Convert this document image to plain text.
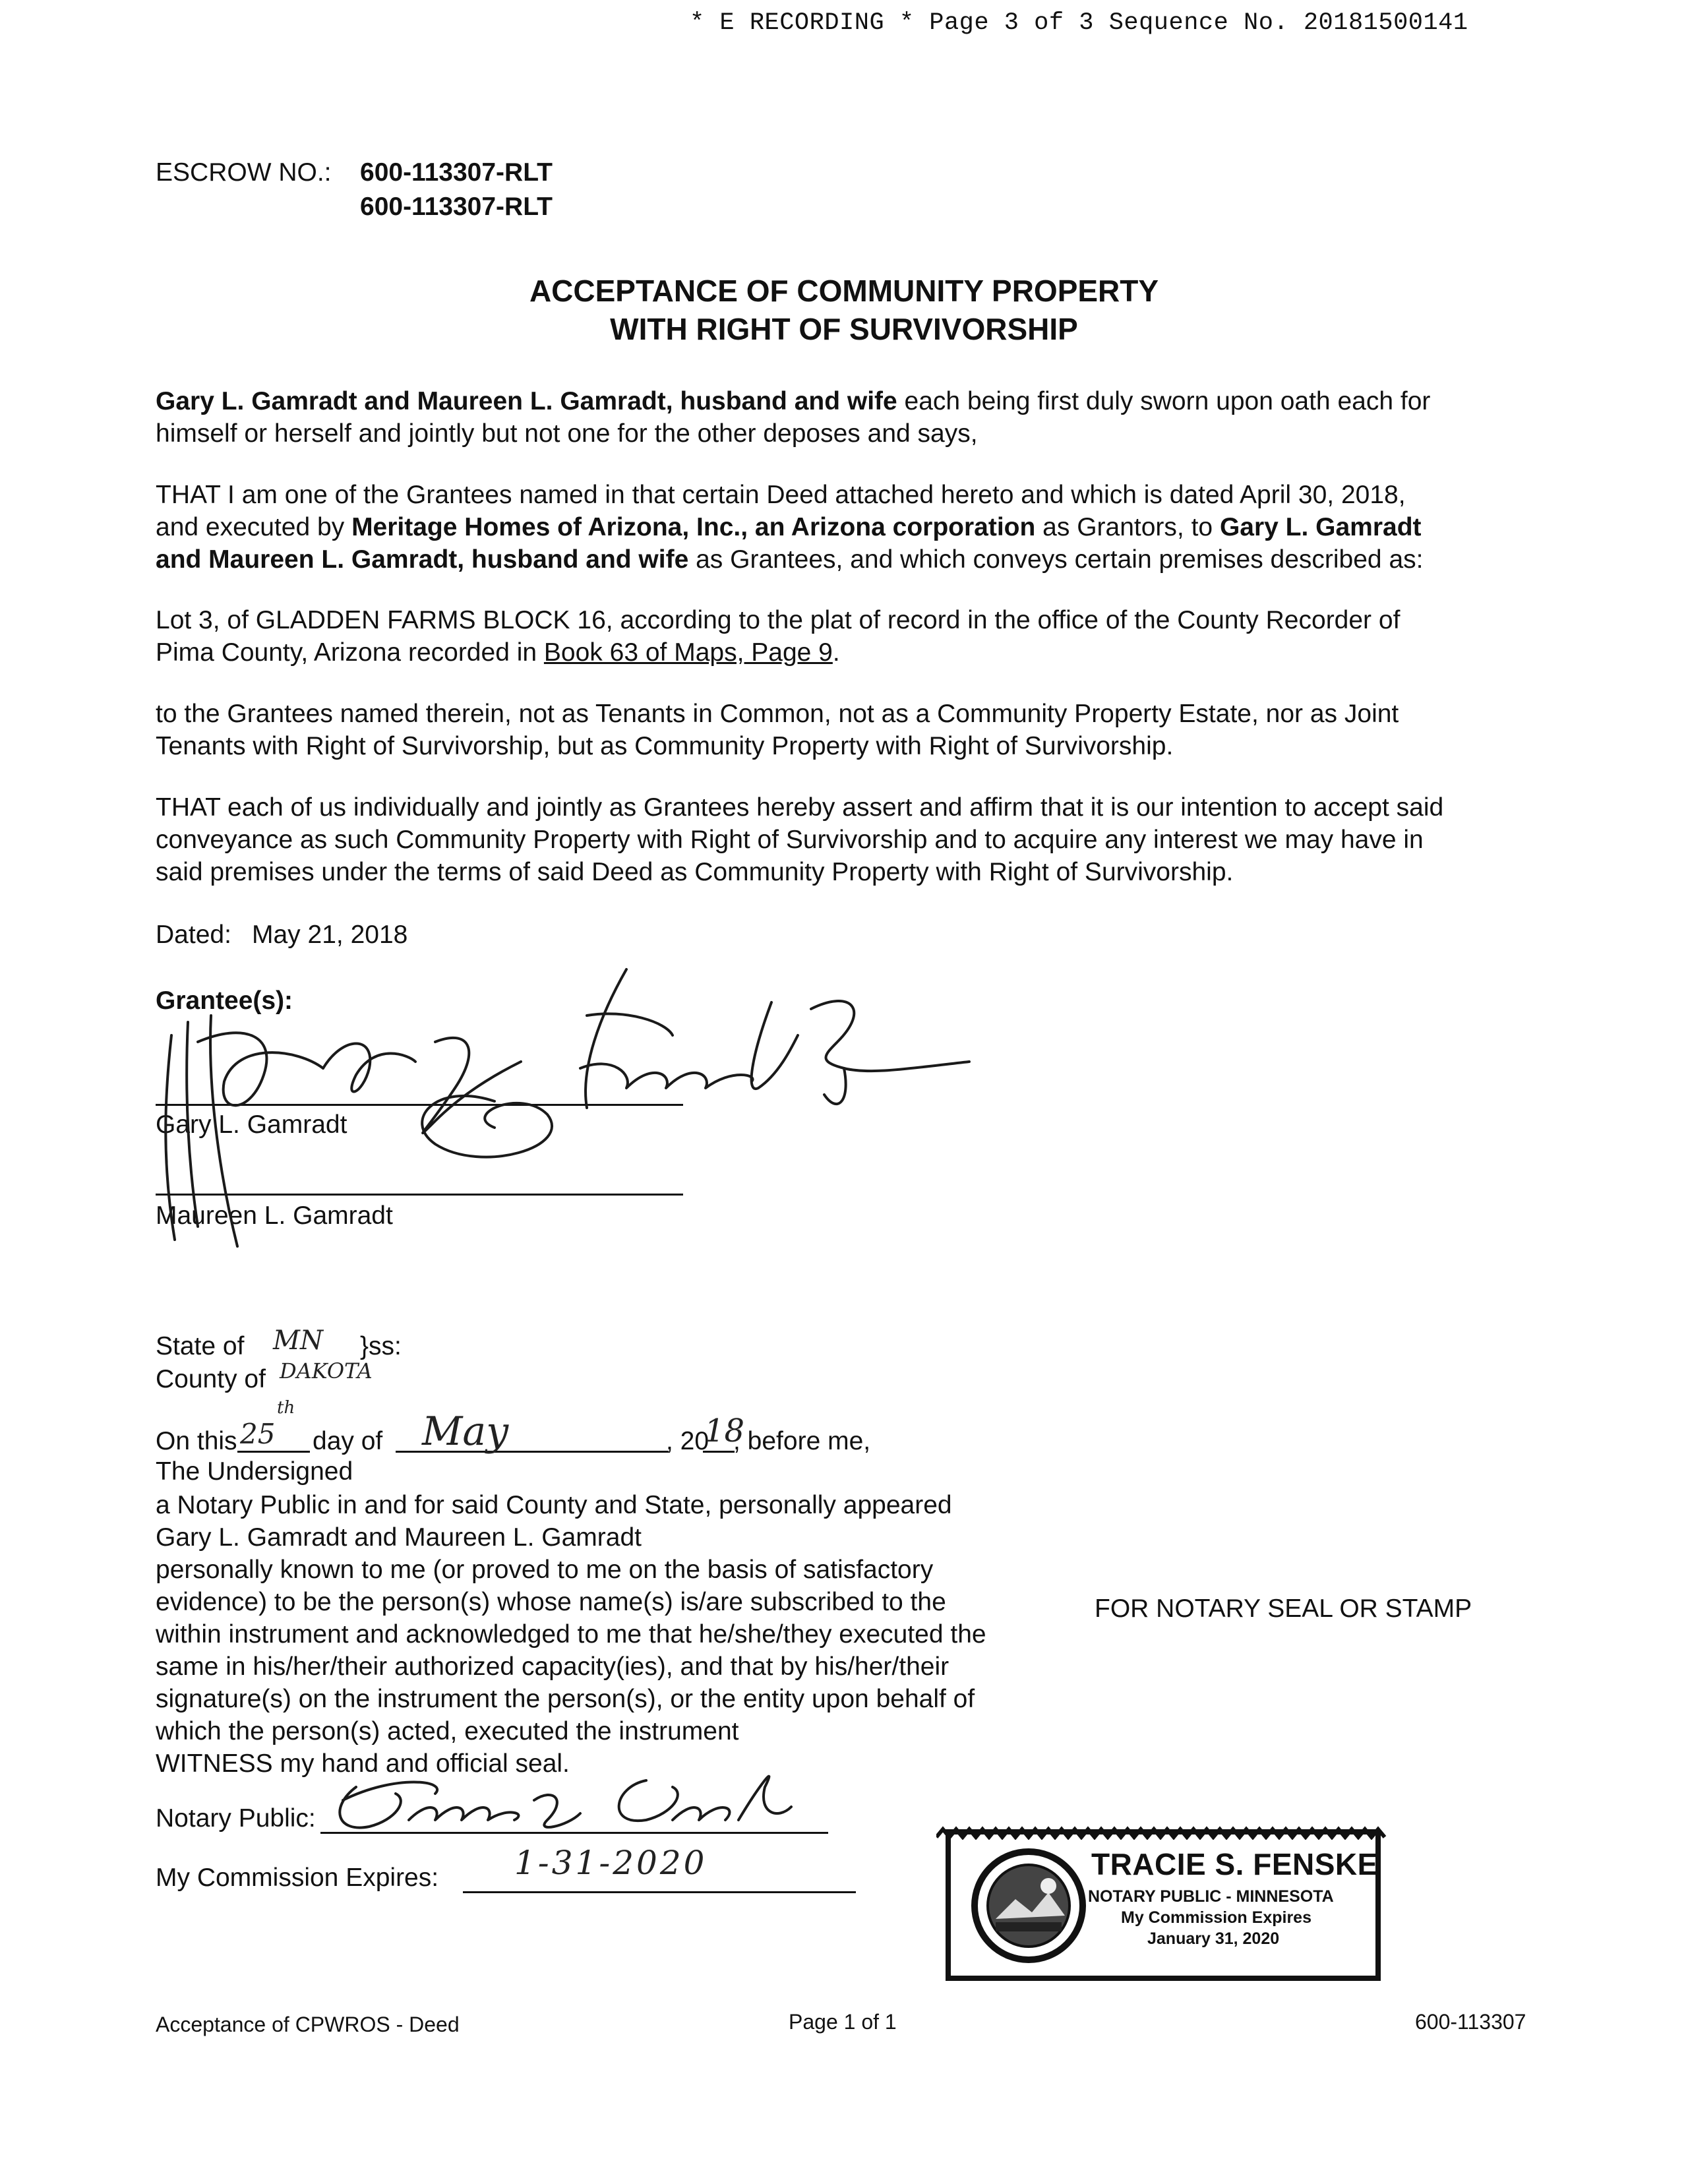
* E RECORDING * Page 3 of 3 Sequence No. 20181500141
ESCROW NO.: 600-113307-RLT
600-113307-RLT
ACCEPTANCE OF COMMUNITY PROPERTY
WITH RIGHT OF SURVIVORSHIP

Gary L. Gamradt and Maureen L. Gamradt, husband and wife each being first duly sworn upon oath each for

himself or herself and jointly but not one for the other deposes and says,

THAT I am one of the Grantees named in that certain Deed attached hereto and which is dated April 30, 2018,

and executed by Meritage Homes of Arizona, Inc., an Arizona corporation as Grantors, to Gary L. Gamradt

and Maureen L. Gamradt, husband and wife as Grantees, and which conveys certain premises described as:

Lot 3, of GLADDEN FARMS BLOCK 16, according to the plat of record in the office of the County Recorder of

Pima County, Arizona recorded in Book 63 of Maps, Page 9.

to the Grantees named therein, not as Tenants in Common, not as a Community Property Estate, nor as Joint

Tenants with Right of Survivorship, but as Community Property with Right of Survivorship.

THAT each of us individually and jointly as Grantees hereby assert and affirm that it is our intention to accept said

conveyance as such Community Property with Right of Survivorship and to acquire any interest we may have in

said premises under the terms of said Deed as Community Property with Right of Survivorship.

Dated: May 21, 2018
Grantee(s):
Gary L. Gamradt
Maureen L. Gamradt
State of MN }ss:
County of DAKOTA
On this 25
th
day of May	, 20
18
, before me,
The Undersigned
a Notary Public in and for said County and State, personally appeared
Gary L. Gamradt and Maureen L. Gamradt
personally known to me (or proved to me on the basis of satisfactory
evidence) to be the person(s) whose name(s) is/are subscribed to the
within instrument and acknowledged to me that he/she/they executed the
same in his/her/their authorized capacity(ies), and that by his/her/their
signature(s) on the instrument the person(s), or the entity upon behalf of
which the person(s) acted, executed the instrument
WITNESS my hand and official seal.
FOR NOTARY SEAL OR STAMP
Notary Public:
My Commission Expires: 1-31-2020	TRACIE S. FENSKE
NOTARY PUBLIC - MINNESOTA
My Commission Expires
January 31, 2020
Acceptance of CPWROS - Deed	Page 1 of 1	600-113307
